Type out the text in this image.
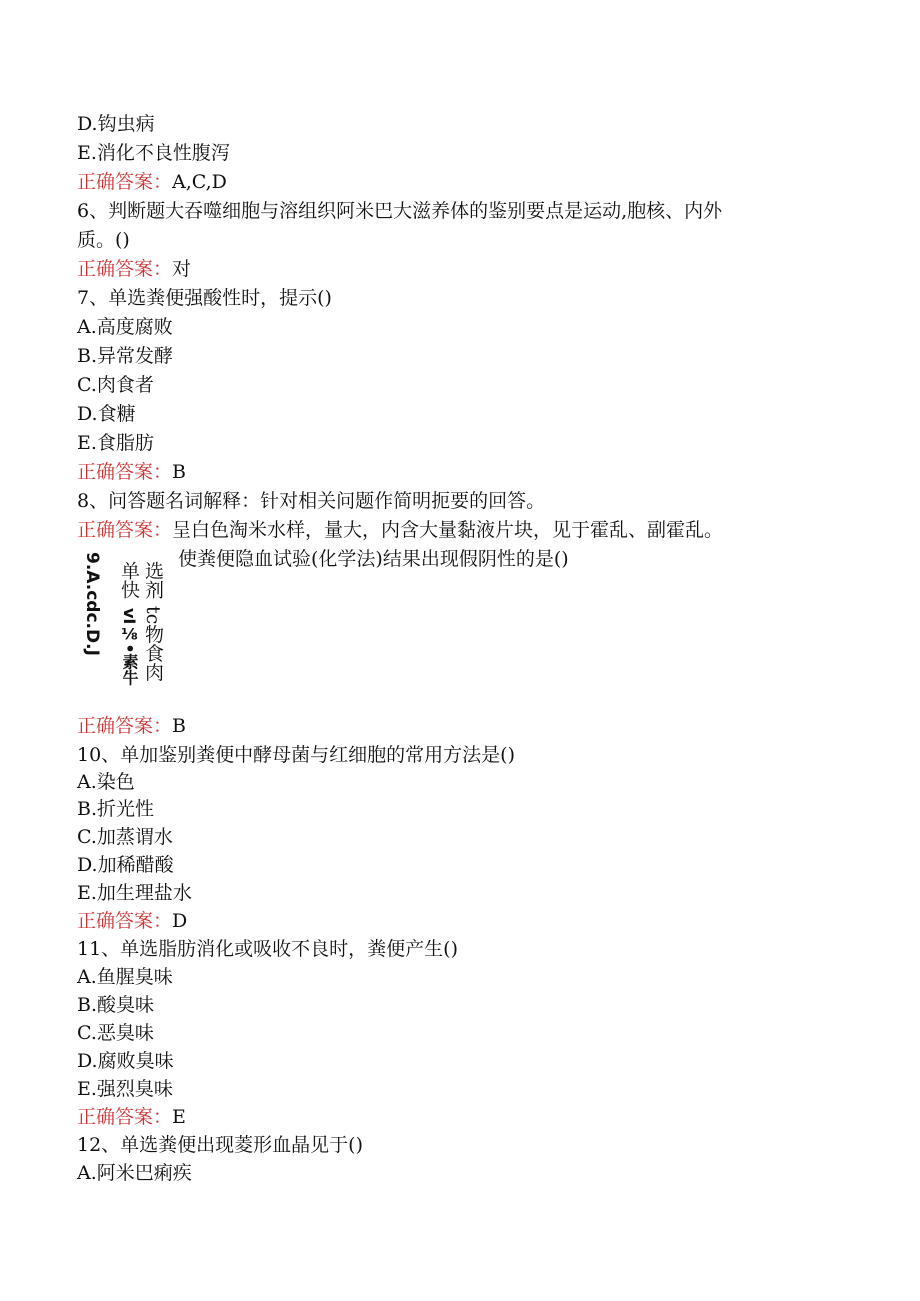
D.钩虫病
E.消化不良性腹泻
正确答案：A,C,D
6、判断题大吞噬细胞与溶组织阿米巴大滋养体的鉴别要点是运动,胞核、内外
质。()
正确答案：对
7、单选粪便强酸性时，提示()
A.高度腐败
B.异常发酵
C.肉食者
D.食糖
E.食脂肪
正确答案：B
8、问答题名词解释：针对相关问题作简明扼要的回答。
正确答案：呈白色淘米水样，量大，内含大量黏液片块，见于霍乱、副霍乱。
使粪便隐血试验(化学法)结果出现假阴性的是()
9.A.cdc.D.J 单快
vI⅛•素牛
选剂
tc物食肉
正确答案：B
10、单加鉴别粪便中酵母菌与红细胞的常用方法是()
A.染色
B.折光性
C.加蒸谓水
D.加稀醋酸
E.加生理盐水
正确答案：D
11、单选脂肪消化或吸收不良时，粪便产生()
A.鱼腥臭味
B.酸臭味
C.恶臭味
D.腐败臭味
E.强烈臭味
正确答案：E
12、单选粪便出现菱形血晶见于()
A.阿米巴痢疾
